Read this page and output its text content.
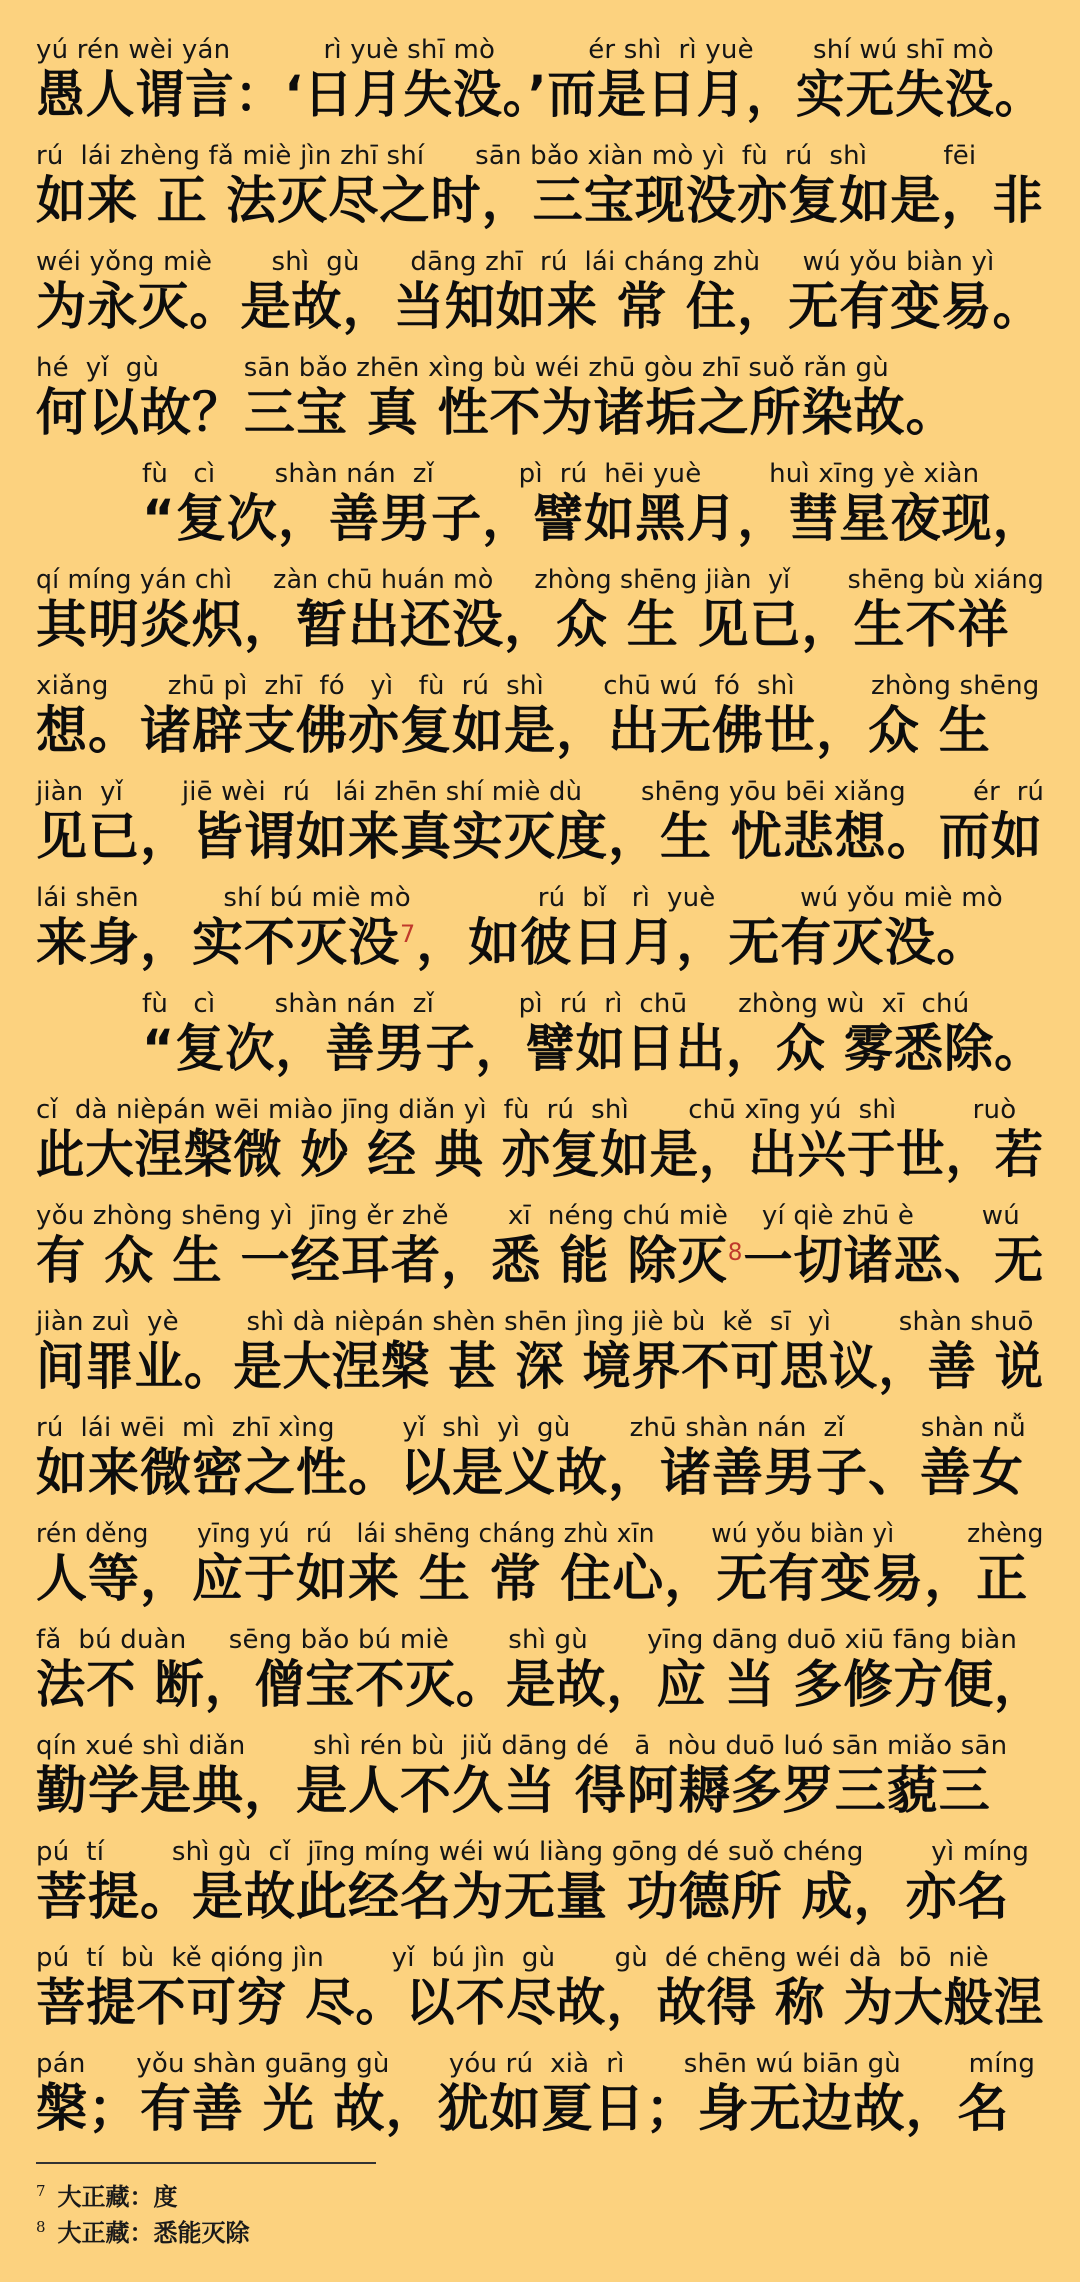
yú rén wèi yán           rì yuè shī mò           ér shì  rì yuè       shí wú shī mò
愚人谓言：‘日月失没。’而是日月，实无失没。
rú  lái zhèng fǎ miè jìn zhī shí      sān bǎo xiàn mò yì  fù  rú  shì         fēi
如来 正 法灭尽之时，三宝现没亦复如是，非
wéi yǒng miè       shì  gù      dāng zhī  rú  lái cháng zhù     wú yǒu biàn yì
为永灭。是故，当知如来 常 住，无有变易。
hé  yǐ  gù          sān bǎo zhēn xìng bù wéi zhū gòu zhī suǒ rǎn gù
何以故？三宝 真 性不为诸垢之所染故。
fù   cì       shàn nán  zǐ          pì  rú  hēi yuè        huì xīng yè xiàn
“复次，善男子，譬如黑月，彗星夜现，
qí míng yán chì     zàn chū huán mò     zhòng shēng jiàn  yǐ       shēng bù xiáng
其明炎炽，暂出还没，众 生 见已，生不祥
xiǎng       zhū pì  zhī  fó   yì   fù  rú  shì       chū wú  fó  shì         zhòng shēng
想。诸辟支佛亦复如是，出无佛世，众 生
jiàn  yǐ       jiē wèi  rú   lái zhēn shí miè dù       shēng yōu bēi xiǎng        ér  rú
见已，皆谓如来真实灭度，生 忧悲想。而如
lái shēn          shí bú miè mò               rú  bǐ   rì  yuè          wú yǒu miè mò
来身，实不灭没$^7$，如彼日月，无有灭没。
fù   cì       shàn nán  zǐ          pì  rú  rì  chū      zhòng wù  xī  chú
“复次，善男子，譬如日出，众 雾悉除。
cǐ  dà nièpán wēi miào jīng diǎn yì  fù  rú  shì       chū xīng yú  shì         ruò
此大涅槃微 妙 经 典 亦复如是，出兴于世，若
yǒu zhòng shēng yì  jīng ěr zhě       xī  néng chú miè    yí qiè zhū è        wú
有 众 生 一经耳者，悉 能 除灭$^8$一切诸恶、无
jiàn zuì  yè        shì dà nièpán shèn shēn jìng jiè bù  kě  sī  yì        shàn shuō
间罪业。是大涅槃 甚 深 境界不可思议，善 说
rú  lái wēi  mì  zhī xìng        yǐ  shì  yì  gù       zhū shàn nán  zǐ         shàn nǚ
如来微密之性。以是义故，诸善男子、善女
rén děng      yīng yú  rú   lái shēng cháng zhù xīn       wú yǒu biàn yì         zhèng
人等，应于如来 生 常 住心，无有变易，正
fǎ  bú duàn     sēng bǎo bú miè       shì gù       yīng dāng duō xiū fāng biàn
法不 断，僧宝不灭。是故，应 当 多修方便，
qín xué shì diǎn        shì rén bù  jiǔ dāng dé   ā  nòu duō luó sān miǎo sān
勤学是典，是人不久当 得阿耨多罗三藐三
pú  tí        shì gù  cǐ  jīng míng wéi wú liàng gōng dé suǒ chéng        yì míng
菩提。是故此经名为无量 功德所 成，亦名
pú  tí  bù  kě qióng jìn        yǐ  bú jìn  gù       gù  dé chēng wéi dà  bō  niè
菩提不可穷 尽。以不尽故，故得 称 为大般涅
pán      yǒu shàn guāng gù       yóu rú  xià  rì       shēn wú biān gù        míng
槃；有善 光 故，犹如夏日；身无边故，名
$^7$ 大正藏：度
$^8$ 大正藏：悉能灭除
